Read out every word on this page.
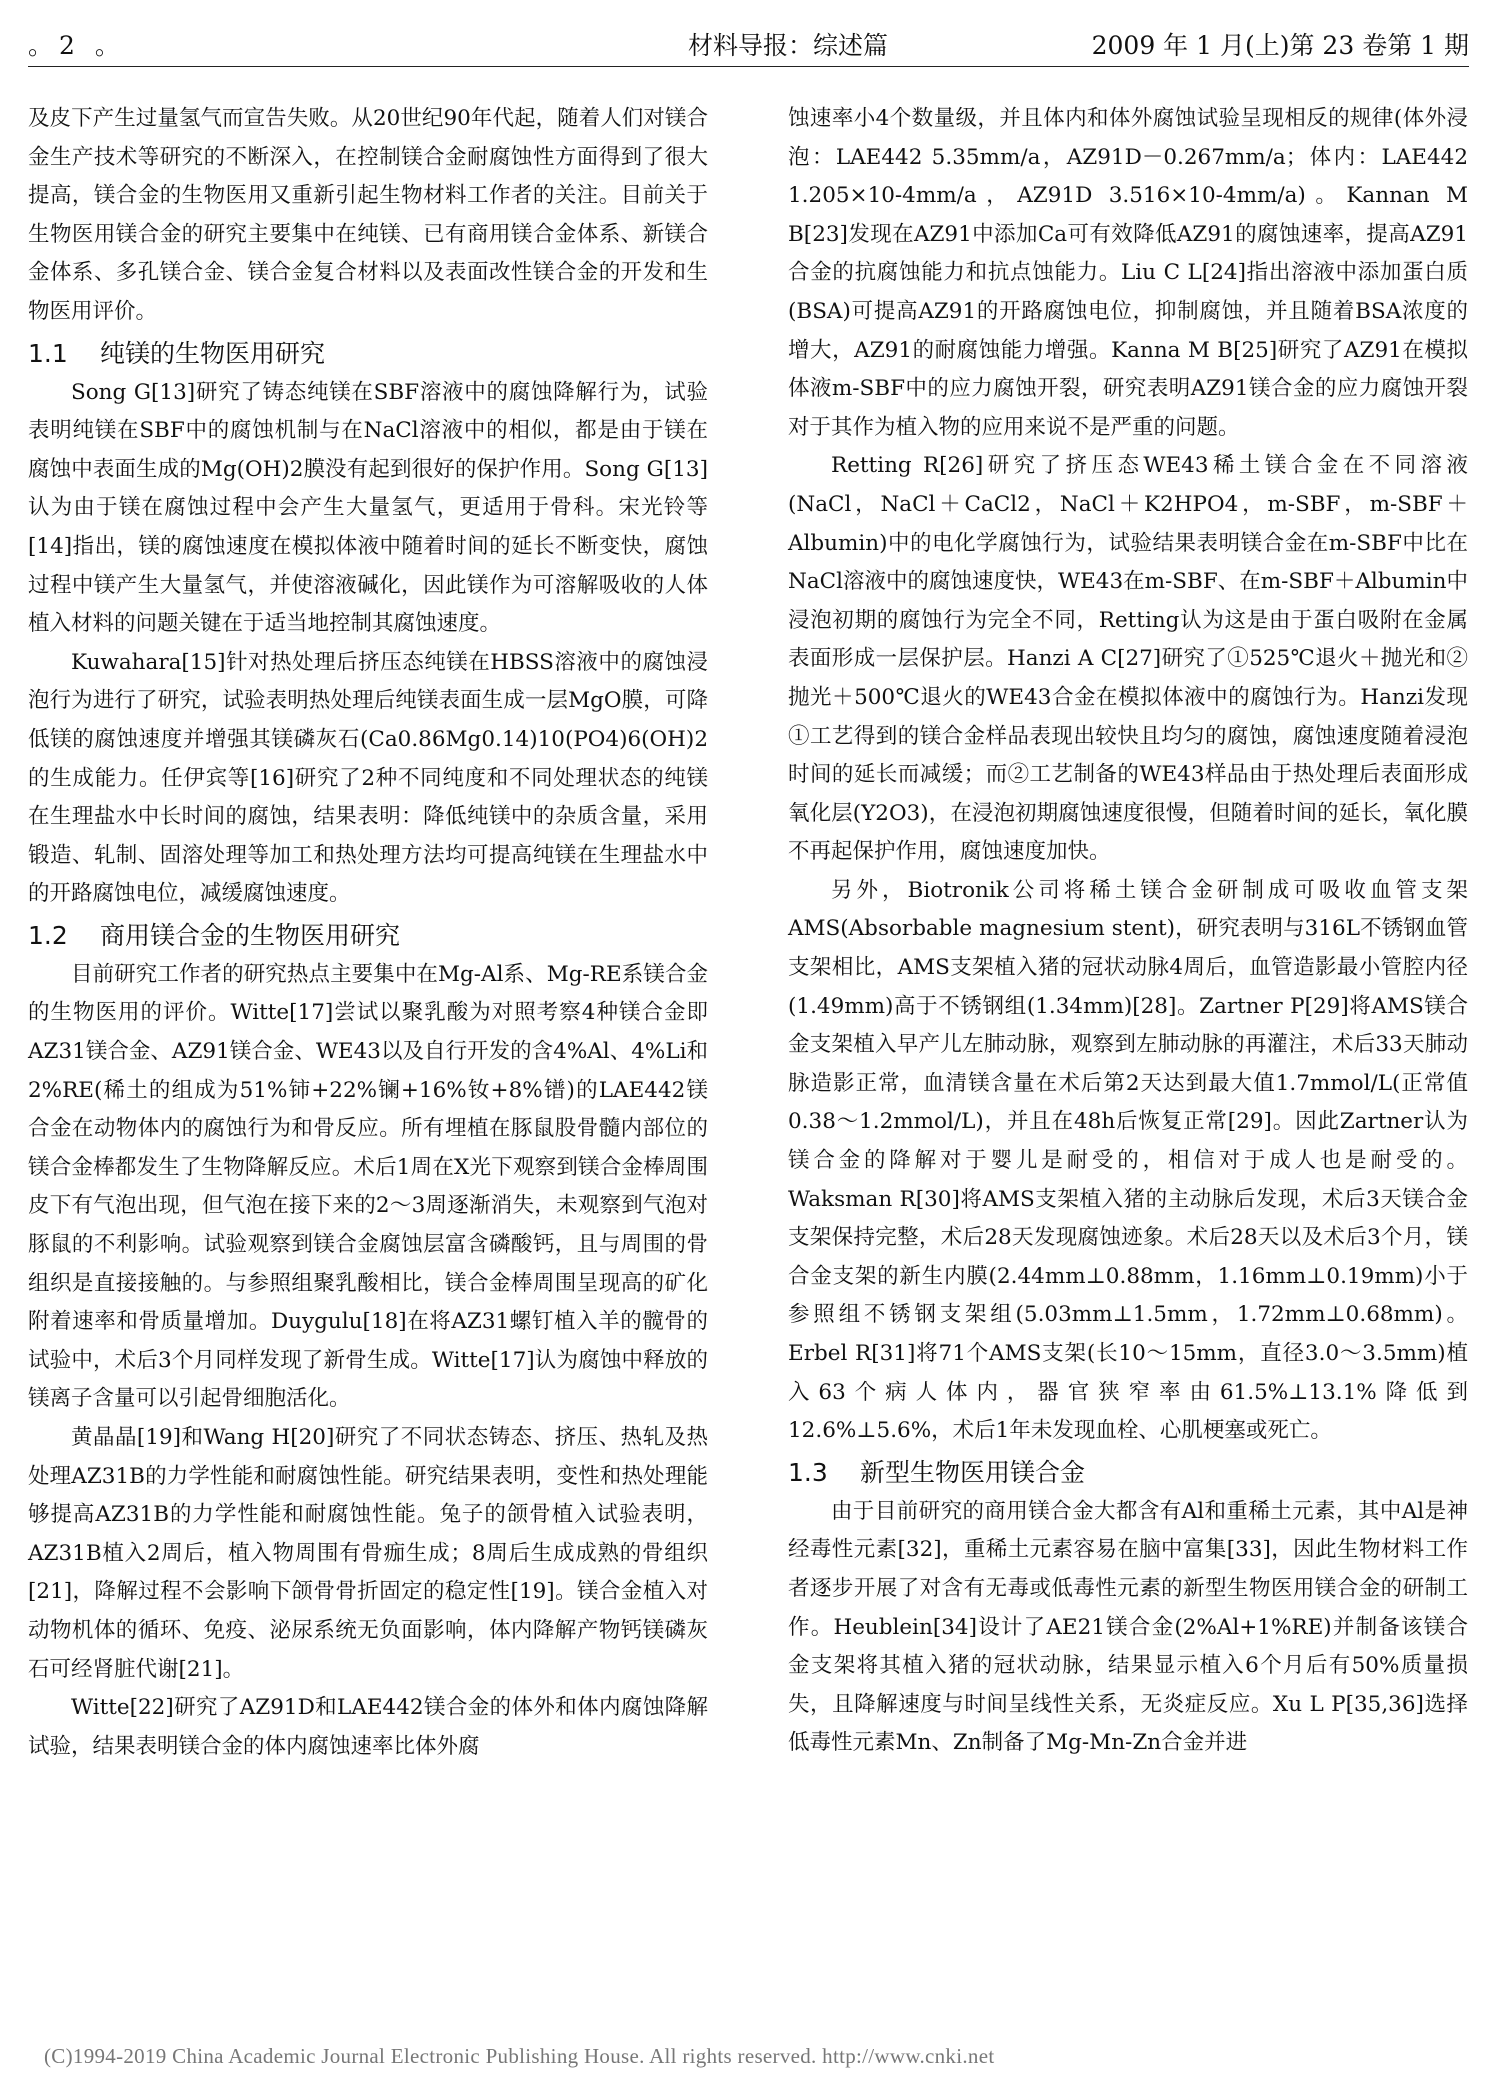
。2 。	材料导报：综述篇	2009 年 1 月(上)第 23 卷第 1 期

及皮下产生过量氢气而宣告失败。从20世纪90年代起，随着人们对镁合金生产技术等研究的不断深入，在控制镁合金耐腐蚀性方面得到了很大提高，镁合金的生物医用又重新引起生物材料工作者的关注。目前关于生物医用镁合金的研究主要集中在纯镁、已有商用镁合金体系、新镁合金体系、多孔镁合金、镁合金复合材料以及表面改性镁合金的开发和生物医用评价。

1.1 纯镁的生物医用研究

Song G[13]研究了铸态纯镁在SBF溶液中的腐蚀降解行为，试验表明纯镁在SBF中的腐蚀机制与在NaCl溶液中的相似，都是由于镁在腐蚀中表面生成的Mg(OH)2膜没有起到很好的保护作用。Song G[13]认为由于镁在腐蚀过程中会产生大量氢气，更适用于骨科。宋光铃等[14]指出，镁的腐蚀速度在模拟体液中随着时间的延长不断变快，腐蚀过程中镁产生大量氢气，并使溶液碱化，因此镁作为可溶解吸收的人体植入材料的问题关键在于适当地控制其腐蚀速度。

Kuwahara[15]针对热处理后挤压态纯镁在HBSS溶液中的腐蚀浸泡行为进行了研究，试验表明热处理后纯镁表面生成一层MgO膜，可降低镁的腐蚀速度并增强其镁磷灰石(Ca0.86Mg0.14)10(PO4)6(OH)2的生成能力。任伊宾等[16]研究了2种不同纯度和不同处理状态的纯镁在生理盐水中长时间的腐蚀，结果表明：降低纯镁中的杂质含量，采用锻造、轧制、固溶处理等加工和热处理方法均可提高纯镁在生理盐水中的开路腐蚀电位，减缓腐蚀速度。

1.2 商用镁合金的生物医用研究

目前研究工作者的研究热点主要集中在Mg-Al系、Mg-RE系镁合金的生物医用的评价。Witte[17]尝试以聚乳酸为对照考察4种镁合金即AZ31镁合金、AZ91镁合金、WE43以及自行开发的含4%Al、4%Li和2%RE(稀土的组成为51%铈+22%镧+16%钕+8%镨)的LAE442镁合金在动物体内的腐蚀行为和骨反应。所有埋植在豚鼠股骨髓内部位的镁合金棒都发生了生物降解反应。术后1周在X光下观察到镁合金棒周围皮下有气泡出现，但气泡在接下来的2～3周逐渐消失，未观察到气泡对豚鼠的不利影响。试验观察到镁合金腐蚀层富含磷酸钙，且与周围的骨组织是直接接触的。与参照组聚乳酸相比，镁合金棒周围呈现高的矿化附着速率和骨质量增加。Duygulu[18]在将AZ31螺钉植入羊的髋骨的试验中，术后3个月同样发现了新骨生成。Witte[17]认为腐蚀中释放的镁离子含量可以引起骨细胞活化。

黄晶晶[19]和Wang H[20]研究了不同状态铸态、挤压、热轧及热处理AZ31B的力学性能和耐腐蚀性能。研究结果表明，变性和热处理能够提高AZ31B的力学性能和耐腐蚀性能。兔子的颌骨植入试验表明，AZ31B植入2周后，植入物周围有骨痂生成；8周后生成成熟的骨组织[21]，降解过程不会影响下颌骨骨折固定的稳定性[19]。镁合金植入对动物机体的循环、免疫、泌尿系统无负面影响，体内降解产物钙镁磷灰石可经肾脏代谢[21]。

Witte[22]研究了AZ91D和LAE442镁合金的体外和体内腐蚀降解试验，结果表明镁合金的体内腐蚀速率比体外腐

蚀速率小4个数量级，并且体内和体外腐蚀试验呈现相反的规律(体外浸泡：LAE442 5.35mm/a，AZ91D－0.267mm/a；体内：LAE442 1.205×10-4mm/a，AZ91D 3.516×10-4mm/a)。Kannan M B[23]发现在AZ91中添加Ca可有效降低AZ91的腐蚀速率，提高AZ91合金的抗腐蚀能力和抗点蚀能力。Liu C L[24]指出溶液中添加蛋白质(BSA)可提高AZ91的开路腐蚀电位，抑制腐蚀，并且随着BSA浓度的增大，AZ91的耐腐蚀能力增强。Kanna M B[25]研究了AZ91在模拟体液m-SBF中的应力腐蚀开裂，研究表明AZ91镁合金的应力腐蚀开裂对于其作为植入物的应用来说不是严重的问题。

Retting R[26]研究了挤压态WE43稀土镁合金在不同溶液(NaCl，NaCl＋CaCl2，NaCl＋K2HPO4，m-SBF，m-SBF＋Albumin)中的电化学腐蚀行为，试验结果表明镁合金在m-SBF中比在NaCl溶液中的腐蚀速度快，WE43在m-SBF、在m-SBF＋Albumin中浸泡初期的腐蚀行为完全不同，Retting认为这是由于蛋白吸附在金属表面形成一层保护层。Hanzi A C[27]研究了①525℃退火＋抛光和②抛光＋500℃退火的WE43合金在模拟体液中的腐蚀行为。Hanzi发现①工艺得到的镁合金样品表现出较快且均匀的腐蚀，腐蚀速度随着浸泡时间的延长而减缓；而②工艺制备的WE43样品由于热处理后表面形成氧化层(Y2O3)，在浸泡初期腐蚀速度很慢，但随着时间的延长，氧化膜不再起保护作用，腐蚀速度加快。

另外，Biotronik公司将稀土镁合金研制成可吸收血管支架AMS(Absorbable magnesium stent)，研究表明与316L不锈钢血管支架相比，AMS支架植入猪的冠状动脉4周后，血管造影最小管腔内径(1.49mm)高于不锈钢组(1.34mm)[28]。Zartner P[29]将AMS镁合金支架植入早产儿左肺动脉，观察到左肺动脉的再灌注，术后33天肺动脉造影正常，血清镁含量在术后第2天达到最大值1.7mmol/L(正常值0.38～1.2mmol/L)，并且在48h后恢复正常[29]。因此Zartner认为镁合金的降解对于婴儿是耐受的，相信对于成人也是耐受的。Waksman R[30]将AMS支架植入猪的主动脉后发现，术后3天镁合金支架保持完整，术后28天发现腐蚀迹象。术后28天以及术后3个月，镁合金支架的新生内膜(2.44mm⊥0.88mm，1.16mm⊥0.19mm)小于参照组不锈钢支架组(5.03mm⊥1.5mm，1.72mm⊥0.68mm)。Erbel R[31]将71个AMS支架(长10～15mm，直径3.0～3.5mm)植入63个病人体内，器官狭窄率由61.5%⊥13.1%降低到12.6%⊥5.6%，术后1年未发现血栓、心肌梗塞或死亡。

1.3 新型生物医用镁合金

由于目前研究的商用镁合金大都含有Al和重稀土元素，其中Al是神经毒性元素[32]，重稀土元素容易在脑中富集[33]，因此生物材料工作者逐步开展了对含有无毒或低毒性元素的新型生物医用镁合金的研制工作。Heublein[34]设计了AE21镁合金(2%Al+1%RE)并制备该镁合金支架将其植入猪的冠状动脉，结果显示植入6个月后有50%质量损失，且降解速度与时间呈线性关系，无炎症反应。Xu L P[35,36]选择低毒性元素Mn、Zn制备了Mg-Mn-Zn合金并进

(C)1994-2019 China Academic Journal Electronic Publishing House. All rights reserved. http://www.cnki.net
